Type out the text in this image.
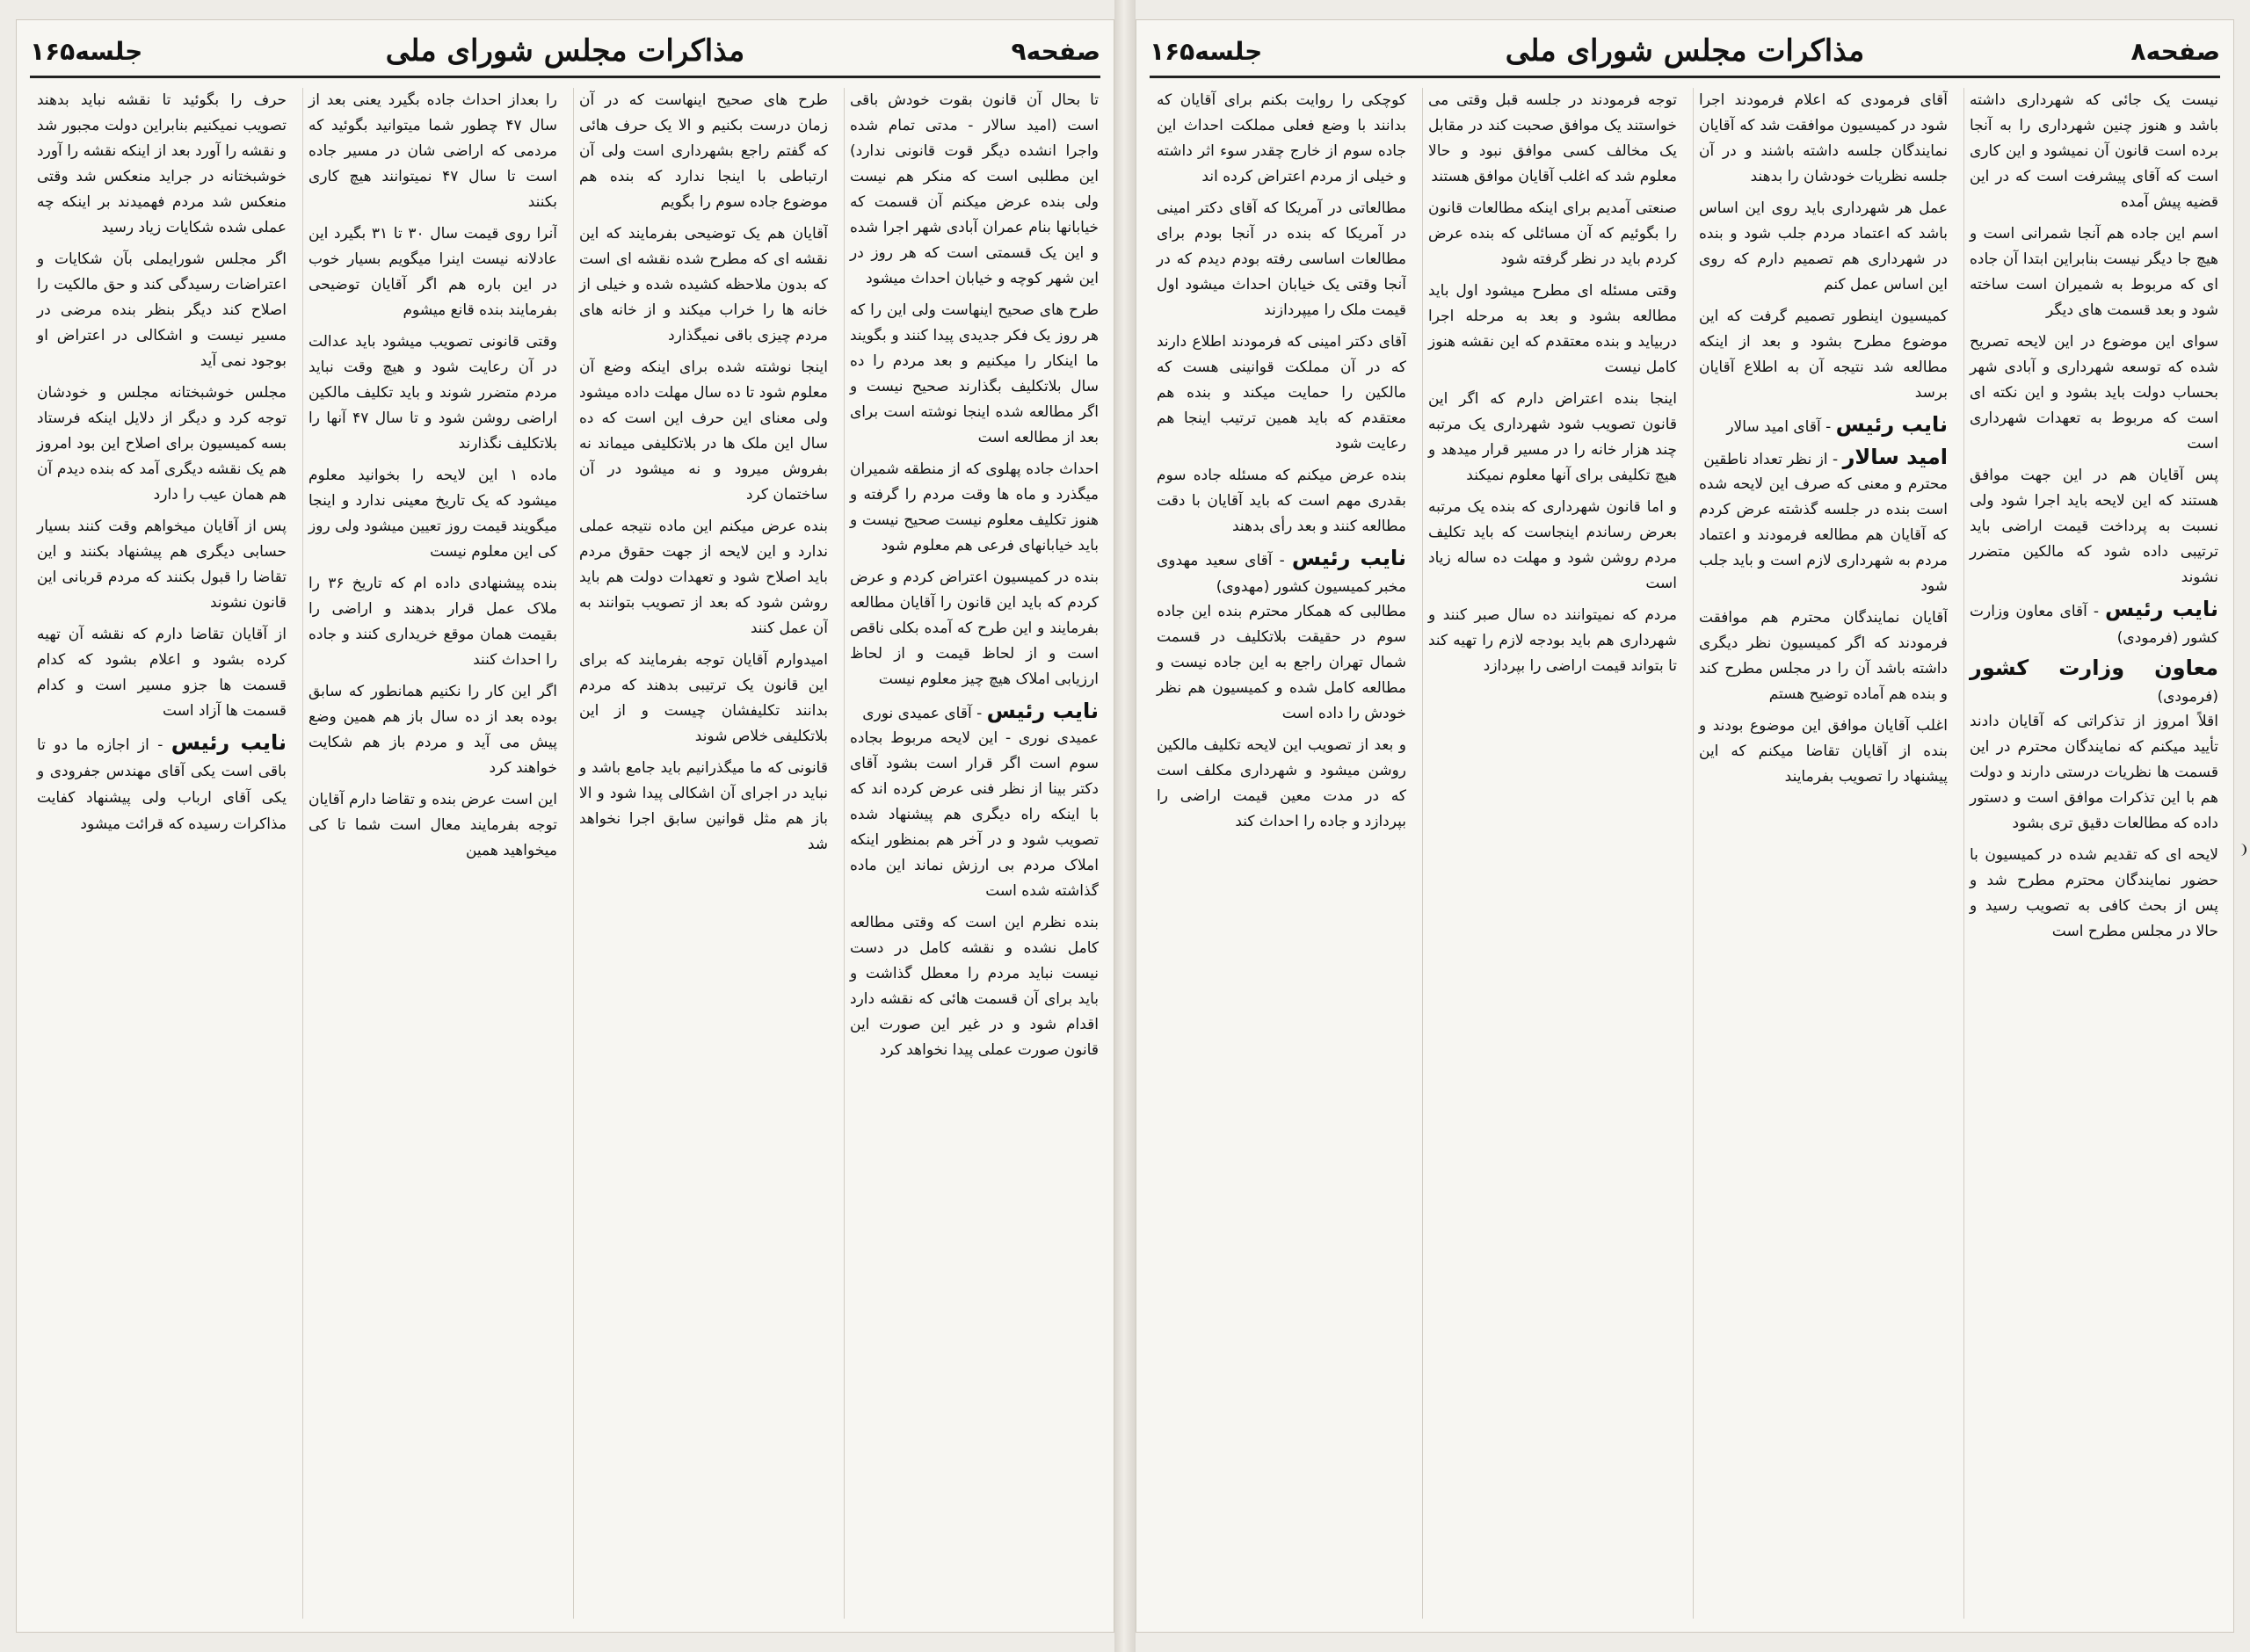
صفحه۹
مذاکرات مجلس شورای ملی
جلسه۱۶۵

تا بحال آن قانون بقوت خودش باقی است (امید سالار - مدتی تمام شده واجرا انشده دیگر قوت قانونی ندارد) این مطلبی است که منکر هم نیست ولی بنده عرض میکنم آن قسمت که خیابانها بنام عمران آبادی شهر اجرا شده و این یک قسمتی است که هر روز در این شهر کوچه و خیابان احداث میشود

طرح های صحیح اینهاست ولی این را که هر روز یک فکر جدیدی پیدا کنند و بگویند ما اینکار را میکنیم و بعد مردم را ده سال بلاتکلیف بگذارند صحیح نیست و اگر مطالعه شده اینجا نوشته است برای بعد از مطالعه است

احداث جاده پهلوی که از منطقه شمیران میگذرد و ماه ها وقت مردم را گرفته و هنوز تکلیف معلوم نیست صحیح نیست و باید خیابانهای فرعی هم معلوم شود

بنده در کمیسیون اعتراض کردم و عرض کردم که باید این قانون را آقایان مطالعه بفرمایند و این طرح که آمده بکلی ناقص است و از لحاظ قیمت و از لحاظ ارزیابی املاک هیچ چیز معلوم نیست

نایب رئیس - آقای عمیدی نوری

عمیدی نوری - این لایحه مربوط بجاده سوم است اگر قرار است بشود آقای دکتر بینا از نظر فنی عرض کرده اند که با اینکه راه دیگری هم پیشنهاد شده تصویب شود و در آخر هم بمنظور اینکه املاک مردم بی ارزش نماند این ماده گذاشته شده است

بنده نظرم این است که وقتی مطالعه کامل نشده و نقشه کامل در دست نیست نباید مردم را معطل گذاشت و باید برای آن قسمت هائی که نقشه دارد اقدام شود و در غیر این صورت این قانون صورت عملی پیدا نخواهد کرد

طرح های صحیح اینهاست که در آن زمان درست بکنیم و الا یک حرف هائی که گفتم راجع بشهرداری است ولی آن ارتباطی با اینجا ندارد که بنده هم موضوع جاده سوم را بگویم

آقایان هم یک توضیحی بفرمایند که این نقشه ای که مطرح شده نقشه ای است که بدون ملاحظه کشیده شده و خیلی از خانه ها را خراب میکند و از خانه های مردم چیزی باقی نمیگذارد

اینجا نوشته شده برای اینکه وضع آن معلوم شود تا ده سال مهلت داده میشود ولی معنای این حرف این است که ده سال این ملک ها در بلاتکلیفی میماند نه بفروش میرود و نه میشود در آن ساختمان کرد

بنده عرض میکنم این ماده نتیجه عملی ندارد و این لایحه از جهت حقوق مردم باید اصلاح شود و تعهدات دولت هم باید روشن شود که بعد از تصویب بتوانند به آن عمل کنند

امیدوارم آقایان توجه بفرمایند که برای این قانون یک ترتیبی بدهند که مردم بدانند تکلیفشان چیست و از این بلاتکلیفی خلاص شوند

قانونی که ما میگذرانیم باید جامع باشد و نباید در اجرای آن اشکالی پیدا شود و الا باز هم مثل قوانین سابق اجرا نخواهد شد

را بعداز احداث جاده بگیرد یعنی بعد از سال ۴۷ چطور شما میتوانید بگوئید که مردمی که اراضی شان در مسیر جاده است تا سال ۴۷ نمیتوانند هیچ کاری بکنند

آنرا روی قیمت سال ۳۰ تا ۳۱ بگیرد این عادلانه نیست اینرا میگویم بسیار خوب در این باره هم اگر آقایان توضیحی بفرمایند بنده قانع میشوم

وقتی قانونی تصویب میشود باید عدالت در آن رعایت شود و هیچ وقت نباید مردم متضرر شوند و باید تکلیف مالکین اراضی روشن شود و تا سال ۴۷ آنها را بلاتکلیف نگذارند

ماده ۱ این لایحه را بخوانید معلوم میشود که یک تاریخ معینی ندارد و اینجا میگویند قیمت روز تعیین میشود ولی روز کی این معلوم نیست

بنده پیشنهادی داده ام که تاریخ ۳۶ را ملاک عمل قرار بدهند و اراضی را بقیمت همان موقع خریداری کنند و جاده را احداث کنند

اگر این کار را نکنیم همانطور که سابق بوده بعد از ده سال باز هم همین وضع پیش می آید و مردم باز هم شکایت خواهند کرد

این است عرض بنده و تقاضا دارم آقایان توجه بفرمایند معال است شما تا کی میخواهید همین

حرف را بگوئید تا نقشه نباید بدهند تصویب نمیکنیم بنابراین دولت مجبور شد و نقشه را آورد بعد از اینکه نقشه را آورد خوشبختانه در جراید منعکس شد وقتی منعکس شد مردم فهمیدند بر اینکه چه عملی شده شکایات زیاد رسید

اگر مجلس شورایملی بآن شکایات و اعتراضات رسیدگی کند و حق مالکیت را اصلاح کند دیگر بنظر بنده مرضی در مسیر نیست و اشکالی در اعتراض او بوجود نمی آید

مجلس خوشبختانه مجلس و خودشان توجه کرد و دیگر از دلایل اینکه فرستاد بسه کمیسیون برای اصلاح این بود امروز هم یک نقشه دیگری آمد که بنده دیدم آن هم همان عیب را دارد

پس از آقایان میخواهم وقت کنند بسیار حسابی دیگری هم پیشنهاد بکنند و این تقاضا را قبول بکنند که مردم قربانی این قانون نشوند

از آقایان تقاضا دارم که نقشه آن تهیه کرده بشود و اعلام بشود که کدام قسمت ها جزو مسیر است و کدام قسمت ها آزاد است

نایب رئیس - از اجازه ما دو تا باقی است یکی آقای مهندس جفرودی و یکی آقای ارباب ولی پیشنهاد کفایت مذاکرات رسیده که قرائت میشود
صفحه۸
مذاکرات مجلس شورای ملی
جلسه۱۶۵

نیست یک جائی که شهرداری داشته باشد و هنوز چنین شهرداری را به آنجا برده است قانون آن نمیشود و این کاری است که آقای پیشرفت است که در این قضیه پیش آمده

اسم این جاده هم آنجا شمرانی است و هیچ جا دیگر نیست بنابراین ابتدا آن جاده ای که مربوط به شمیران است ساخته شود و بعد قسمت های دیگر

سوای این موضوع در این لایحه تصریح شده که توسعه شهرداری و آبادی شهر بحساب دولت باید بشود و این نکته ای است که مربوط به تعهدات شهرداری است

پس آقایان هم در این جهت موافق هستند که این لایحه باید اجرا شود ولی نسبت به پرداخت قیمت اراضی باید ترتیبی داده شود که مالکین متضرر نشوند

نایب رئیس - آقای معاون وزارت کشور (فرمودی)
معاون وزارت کشور (فرمودی)

اقلاً امروز از تذکراتی که آقایان دادند تأیید میکنم که نمایندگان محترم در این قسمت ها نظریات درستی دارند و دولت هم با این تذکرات موافق است و دستور داده که مطالعات دقیق تری بشود

لایحه ای که تقدیم شده در کمیسیون با حضور نمایندگان محترم مطرح شد و پس از بحث کافی به تصویب رسید و حالا در مجلس مطرح است

آقای فرمودی که اعلام فرمودند اجرا شود در کمیسیون موافقت شد که آقایان نمایندگان جلسه داشته باشند و در آن جلسه نظریات خودشان را بدهند

عمل هر شهرداری باید روی این اساس باشد که اعتماد مردم جلب شود و بنده در شهرداری هم تصمیم دارم که روی این اساس عمل کنم

کمیسیون اینطور تصمیم گرفت که این موضوع مطرح بشود و بعد از اینکه مطالعه شد نتیجه آن به اطلاع آقایان برسد

نایب رئیس - آقای امید سالار
امید سالار - از نظر تعداد ناطقین

محترم و معنی که صرف این لایحه شده است بنده در جلسه گذشته عرض کردم که آقایان هم مطالعه فرمودند و اعتماد مردم به شهرداری لازم است و باید جلب شود

آقایان نمایندگان محترم هم موافقت فرمودند که اگر کمیسیون نظر دیگری داشته باشد آن را در مجلس مطرح کند و بنده هم آماده توضیح هستم

اغلب آقایان موافق این موضوع بودند و بنده از آقایان تقاضا میکنم که این پیشنهاد را تصویب بفرمایند

توجه فرمودند در جلسه قبل وقتی می خواستند یک موافق صحبت کند در مقابل یک مخالف کسی موافق نبود و حالا معلوم شد که اغلب آقایان موافق هستند

صنعتی آمدیم برای اینکه مطالعات قانون را بگوئیم که آن مسائلی که بنده عرض کردم باید در نظر گرفته شود

وقتی مسئله ای مطرح میشود اول باید مطالعه بشود و بعد به مرحله اجرا دربیاید و بنده معتقدم که این نقشه هنوز کامل نیست

اینجا بنده اعتراض دارم که اگر این قانون تصویب شود شهرداری یک مرتبه چند هزار خانه را در مسیر قرار میدهد و هیچ تکلیفی برای آنها معلوم نمیکند

و اما قانون شهرداری که بنده یک مرتبه بعرض رساندم اینجاست که باید تکلیف مردم روشن شود و مهلت ده ساله زیاد است

مردم که نمیتوانند ده سال صبر کنند و شهرداری هم باید بودجه لازم را تهیه کند تا بتواند قیمت اراضی را بپردازد

کوچکی را روایت بکنم برای آقایان که بدانند با وضع فعلی مملکت احداث این جاده سوم از خارج چقدر سوء اثر داشته و خیلی از مردم اعتراض کرده اند

مطالعاتی در آمریکا که آقای دکتر امینی در آمریکا که بنده در آنجا بودم برای مطالعات اساسی رفته بودم دیدم که در آنجا وقتی یک خیابان احداث میشود اول قیمت ملک را میپردازند

آقای دکتر امینی که فرمودند اطلاع دارند که در آن مملکت قوانینی هست که مالکین را حمایت میکند و بنده هم معتقدم که باید همین ترتیب اینجا هم رعایت شود

بنده عرض میکنم که مسئله جاده سوم بقدری مهم است که باید آقایان با دقت مطالعه کنند و بعد رأی بدهند

نایب رئیس - آقای سعید مهدوی مخبر کمیسیون کشور (مهدوی)

مطالبی که همکار محترم بنده این جاده سوم در حقیقت بلاتکلیف در قسمت شمال تهران راجع به این جاده نیست و مطالعه کامل شده و کمیسیون هم نظر خودش را داده است

و بعد از تصویب این لایحه تکلیف مالکین روشن میشود و شهرداری مکلف است که در مدت معین قیمت اراضی را بپردازد و جاده را احداث کند
